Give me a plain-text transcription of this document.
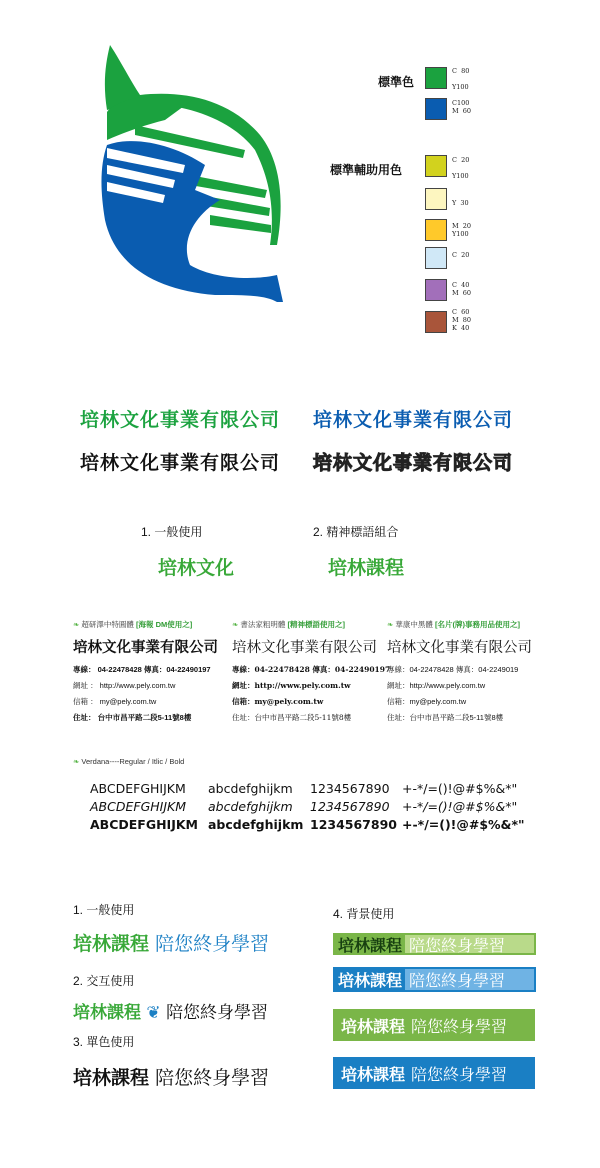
標準色
C  80

Y100
C100
M  60
標準輔助用色
C  20

Y100
Y  30
M  20
Y100
C  20
C  40
M  60
C  60
M  80
K  40
培林文化事業有限公司 培林文化事業有限公司
培林文化事業有限公司 培林文化事業有限公司
1. 一般使用	2. 精神標語組合
培林文化	培林課程
❧ 超研澤中特圓體 [海報 DM使用之]
培林文化事業有限公司
專線： 04-22478428 傳真：04-22490197
網址 ： http://www.pely.com.tw
信箱 ： my@pely.com.tw
住址： 台中市昌平路二段5-11號8樓
❧ 書法家粗明體 [精神標語使用之]
培林文化事業有限公司
專線：04-22478428 傳真：04-22490197
網址：http://www.pely.com.tw
信箱：my@pely.com.tw
住址：台中市昌平路二段5-11號8樓
❧ 華康中黑體 [名片(牌)事務用品使用之]
培林文化事業有限公司
專線：04-22478428 傳真：04-2249019
網址：http://www.pely.com.tw
信箱：my@pely.com.tw
住址：台中市昌平路二段5-11號8樓
❧ Verdana----Regular / Itlic / Bold
ABCDEFGHIJKM abcdefghijkm 1234567890 +-*/=()!@#$%&*"
ABCDEFGHIJKM abcdefghijkm 1234567890 +-*/=()!@#$%&*"
ABCDEFGHIJKM abcdefghijkm 1234567890 +-*/=()!@#$%&*"
1. 一般使用
培林課程 陪您終身學習
2. 交互使用
培林課程 ❦ 陪您終身學習
3. 單色使用
培林課程 陪您終身學習
4. 背景使用
培林課程 陪您終身學習
培林課程 陪您終身學習
培林課程 陪您終身學習
培林課程 陪您終身學習
